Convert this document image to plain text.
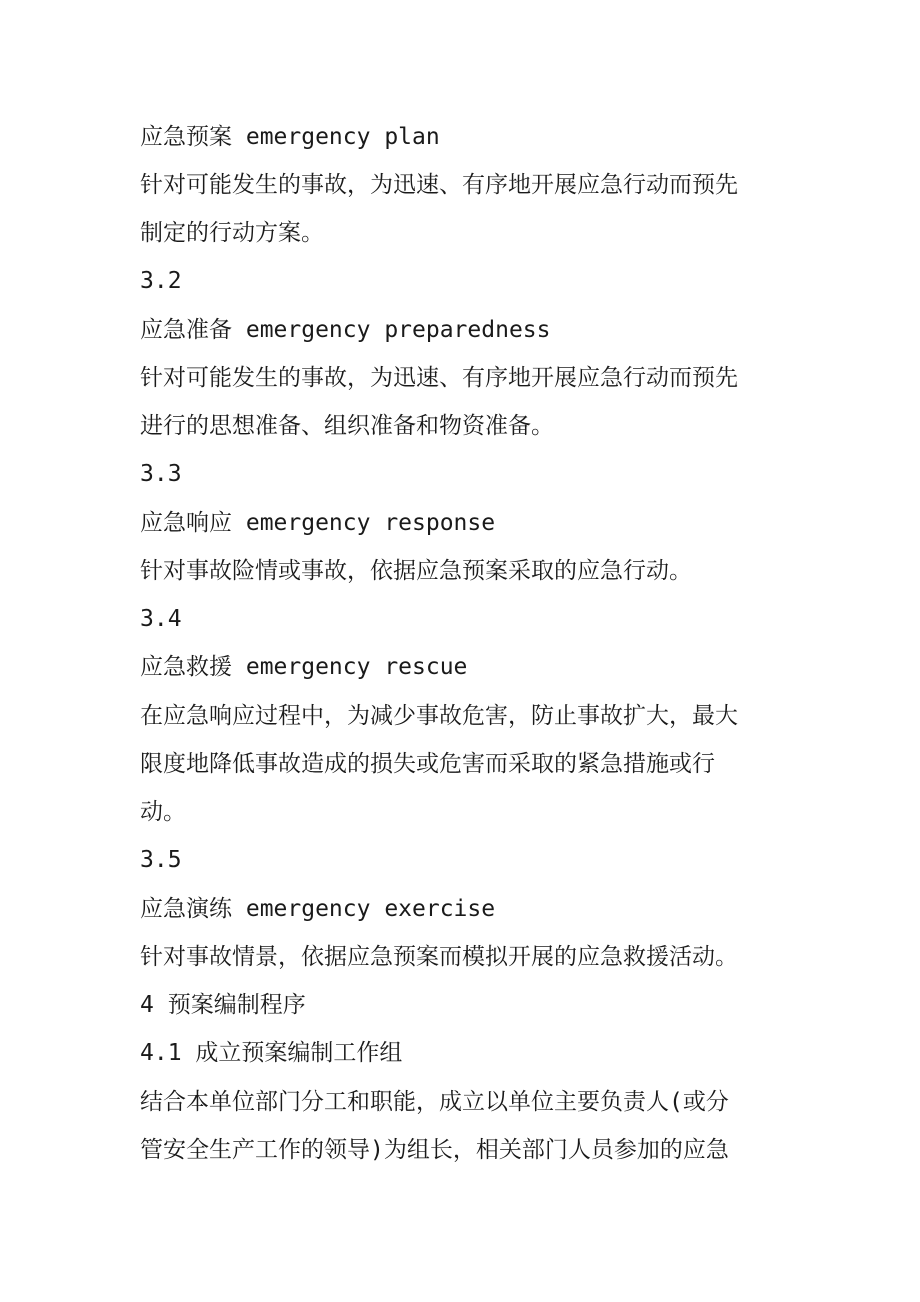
应急预案 emergency plan
针对可能发生的事故，为迅速、有序地开展应急行动而预先
制定的行动方案。
3.2
应急准备 emergency preparedness
针对可能发生的事故，为迅速、有序地开展应急行动而预先
进行的思想准备、组织准备和物资准备。
3.3
应急响应 emergency response
针对事故险情或事故，依据应急预案采取的应急行动。
3.4
应急救援 emergency rescue
在应急响应过程中，为减少事故危害，防止事故扩大，最大
限度地降低事故造成的损失或危害而采取的紧急措施或行
动。
3.5
应急演练 emergency exercise
针对事故情景，依据应急预案而模拟开展的应急救援活动。
4 预案编制程序
4.1 成立预案编制工作组
结合本单位部门分工和职能，成立以单位主要负责人(或分
管安全生产工作的领导)为组长，相关部门人员参加的应急
